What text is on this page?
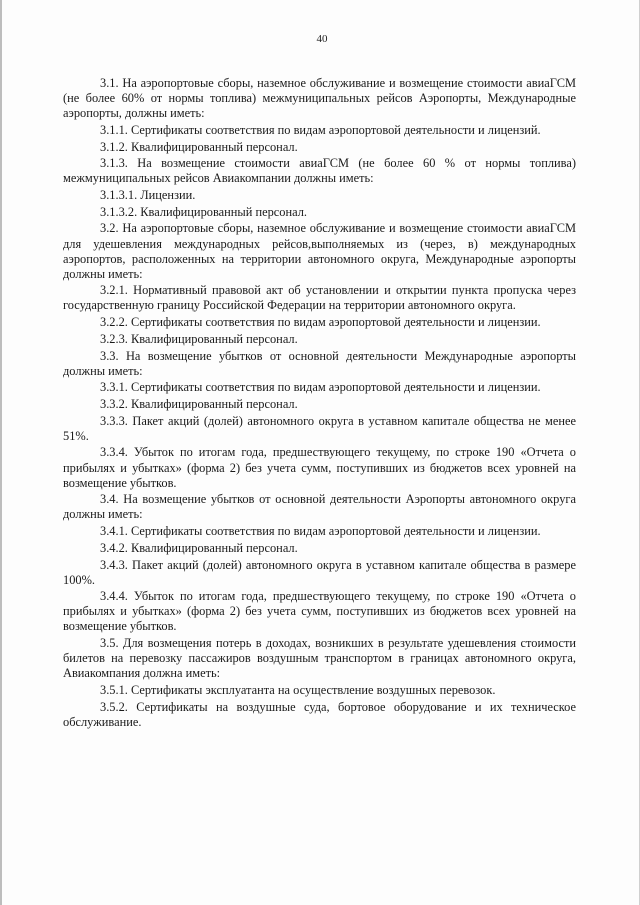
40

3.1. На аэропортовые сборы, наземное обслуживание и возмещение стоимости авиаГСМ (не более 60% от нормы топлива) межмуниципальных рейсов Аэропорты, Международные аэропорты, должны иметь:

3.1.1. Сертификаты соответствия по видам аэропортовой деятельности и лицензий.

3.1.2. Квалифицированный персонал.

3.1.3. На возмещение стоимости авиаГСМ (не более 60 % от нормы топлива) межмуниципальных рейсов Авиакомпании должны иметь:

3.1.3.1. Лицензии.

3.1.3.2. Квалифицированный персонал.

3.2. На аэропортовые сборы, наземное обслуживание и возмещение стоимости авиаГСМ для удешевления международных рейсов,выполняемых из (через, в) международных аэропортов, расположенных на территории автономного округа, Международные аэропорты должны иметь:

3.2.1. Нормативный правовой акт об установлении и открытии пункта пропуска через государственную границу Российской Федерации на территории автономного округа.

3.2.2. Сертификаты соответствия по видам аэропортовой деятельности и лицензии.

3.2.3. Квалифицированный персонал.

3.3. На возмещение убытков от основной деятельности Международные аэропорты должны иметь:

3.3.1. Сертификаты соответствия по видам аэропортовой деятельности и лицензии.

3.3.2. Квалифицированный персонал.

3.3.3. Пакет акций (долей) автономного округа в уставном капитале общества не менее 51%.

3.3.4. Убыток по итогам года, предшествующего текущему, по строке 190 «Отчета о прибылях и убытках» (форма 2) без учета сумм, поступивших из бюджетов всех уровней на возмещение убытков.

3.4. На возмещение убытков от основной деятельности Аэропорты автономного округа должны иметь:

3.4.1. Сертификаты соответствия по видам аэропортовой деятельности и лицензии.

3.4.2. Квалифицированный персонал.

3.4.3. Пакет акций (долей) автономного округа в уставном капитале общества в размере 100%.

3.4.4. Убыток по итогам года, предшествующего текущему, по строке 190 «Отчета о прибылях и убытках» (форма 2) без учета сумм, поступивших из бюджетов всех уровней на возмещение убытков.

3.5. Для возмещения потерь в доходах, возникших в результате удешевления стоимости билетов на перевозку пассажиров воздушным транспортом в границах автономного округа, Авиакомпания должна иметь:

3.5.1. Сертификаты эксплуатанта на осуществление воздушных перевозок.

3.5.2. Сертификаты на воздушные суда, бортовое оборудование и их техническое обслуживание.
